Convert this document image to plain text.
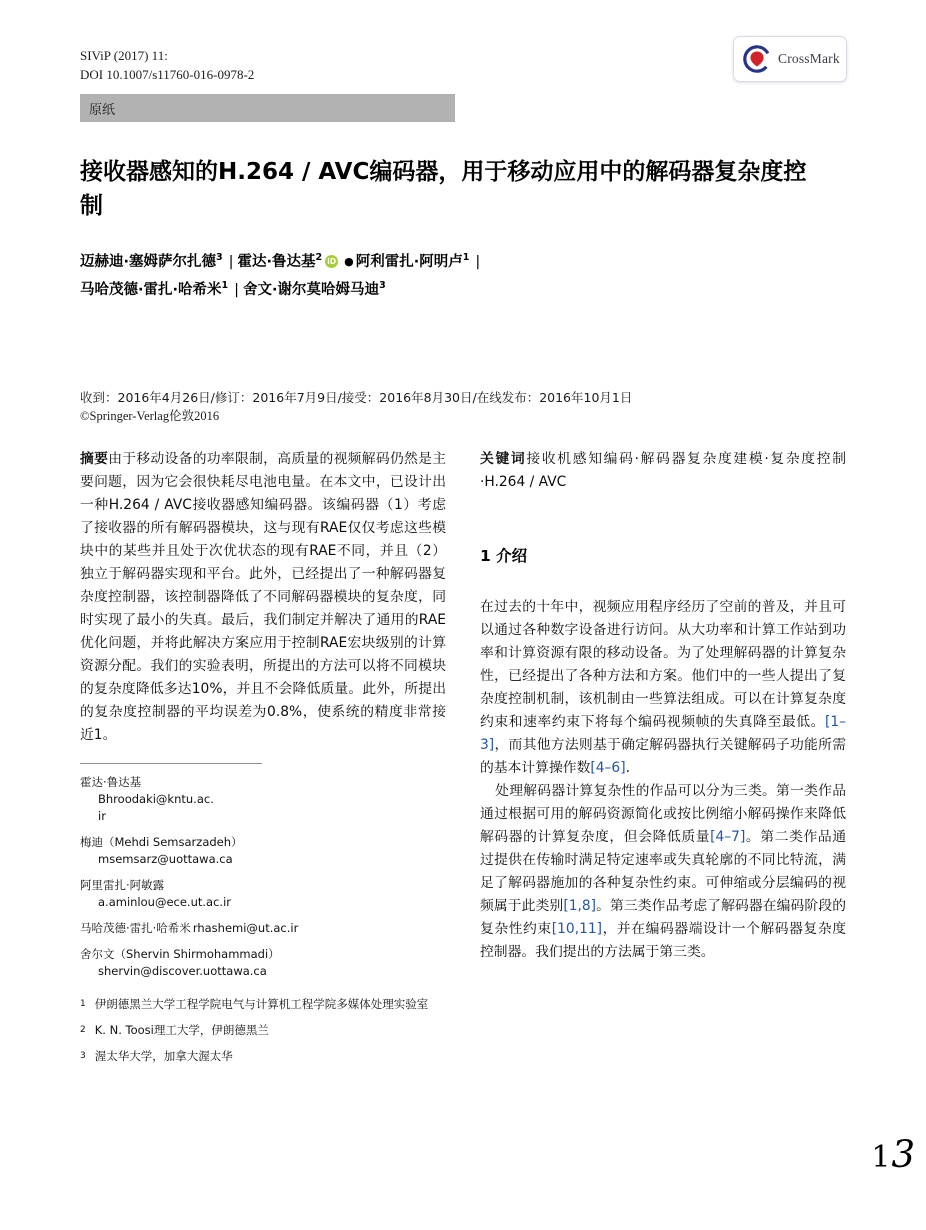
SIViP (2017) 11:
DOI 10.1007/s11760-016-0978-2
CrossMark
原纸
接收器感知的H.264 / AVC编码器，用于移动应用中的解码器复杂度控制
迈赫迪·塞姆萨尔扎德$^3$ | 霍达·鲁达基$^2$ iD ● 阿利雷扎·阿明卢$^1$ |
马哈茂德·雷扎·哈希米$^1$ | 舍文·谢尔莫哈姆马迪$^3$
收到：2016年4月26日/修订：2016年7月9日/接受：2016年8月30日/在线发布：2016年10月1日
©Springer-Verlag伦敦2016

摘要由于移动设备的功率限制，高质量的视频解码仍然是主要问题，因为它会很快耗尽电池电量。在本文中，已设计出一种H.264 / AVC接收器感知编码器。该编码器（1）考虑了接收器的所有解码器模块，这与现有RAE仅仅考虑这些模块中的某些并且处于次优状态的现有RAE不同，并且（2）独立于解码器实现和平台。此外，已经提出了一种解码器复杂度控制器，该控制器降低了不同解码器模块的复杂度，同时实现了最小的失真。最后，我们制定并解决了通用的RAE优化问题，并将此解决方案应用于控制RAE宏块级别的计算资源分配。我们的实验表明，所提出的方法可以将不同模块的复杂度降低多达10%，并且不会降低质量。此外，所提出的复杂度控制器的平均误差为0.8%，使系统的精度非常接近1。

霍达·鲁达基
Bhroodaki@kntu.ac.
ir
梅迪（Mehdi Semsarzadeh）
msemsarz@uottawa.ca
阿里雷扎·阿敏露
a.aminlou@ece.ut.ac.ir
马哈茂德·雷扎·哈希米 rhashemi@ut.ac.ir
舍尔文（Shervin Shirmohammadi）
shervin@discover.uottawa.ca
1 伊朗德黑兰大学工程学院电气与计算机工程学院多媒体处理实验室
2 K. N. Toosi理工大学，伊朗德黑兰
3 渥太华大学，加拿大渥太华

关键词接收机感知编码·解码器复杂度建模·复杂度控制·H.264 / AVC

1 介绍

在过去的十年中，视频应用程序经历了空前的普及，并且可以通过各种数字设备进行访问。从大功率和计算工作站到功率和计算资源有限的移动设备。为了处理解码器的计算复杂性，已经提出了各种方法和方案。他们中的一些人提出了复杂度控制机制，该机制由一些算法组成。可以在计算复杂度约束和速率约束下将每个编码视频帧的失真降至最低。[1–3]，而其他方法则基于确定解码器执行关键解码子功能所需的基本计算操作数[4–6].

处理解码器计算复杂性的作品可以分为三类。第一类作品通过根据可用的解码资源简化或按比例缩小解码操作来降低解码器的计算复杂度，但会降低质量[4–7]。第二类作品通过提供在传输时满足特定速率或失真轮廓的不同比特流，满足了解码器施加的各种复杂性约束。可伸缩或分层编码的视频属于此类别[1,8]。第三类作品考虑了解码器在编码阶段的复杂性约束[10,11]，并在编码器端设计一个解码器复杂度控制器。我们提出的方法属于第三类。

13
